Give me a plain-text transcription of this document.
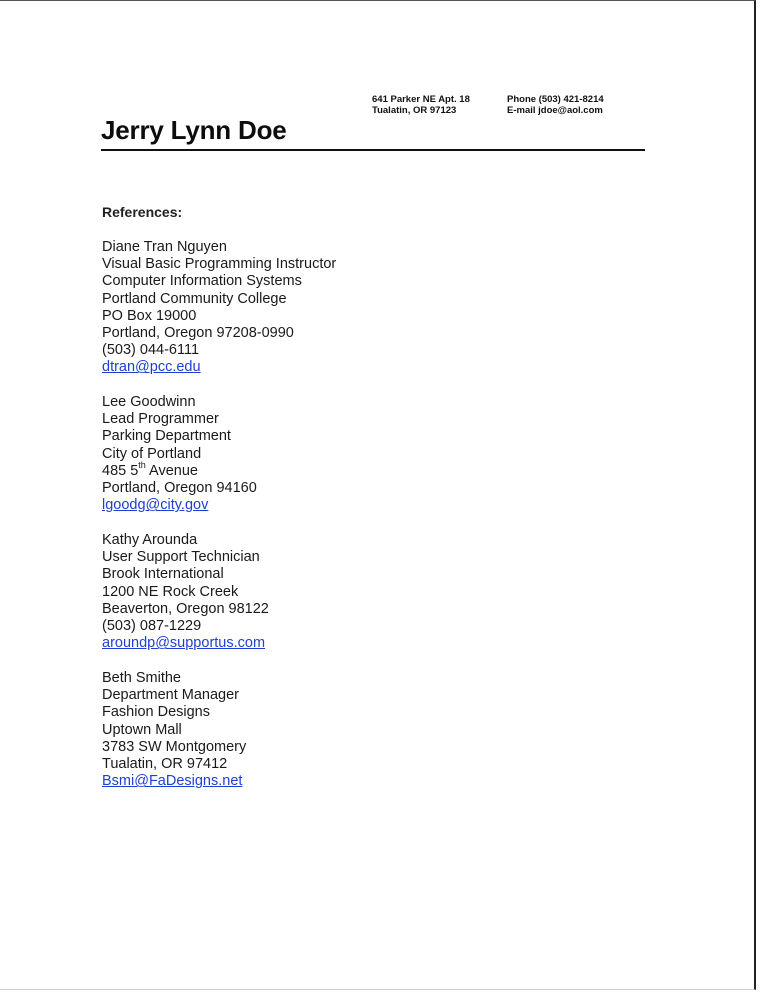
641 Parker NE Apt. 18
Tualatin, OR 97123
Phone (503) 421-8214
E-mail jdoe@aol.com
Jerry Lynn Doe
References:
Diane Tran Nguyen
Visual Basic Programming Instructor
Computer Information Systems
Portland Community College
PO Box 19000
Portland, Oregon 97208-0990
(503) 044-6111
dtran@pcc.edu
Lee Goodwinn
Lead Programmer
Parking Department
City of Portland
485 5th Avenue
Portland, Oregon 94160
lgoodg@city.gov
Kathy Arounda
User Support Technician
Brook International
1200 NE Rock Creek
Beaverton, Oregon 98122
(503) 087-1229
aroundp@supportus.com
Beth Smithe
Department Manager
Fashion Designs
Uptown Mall
3783 SW Montgomery
Tualatin, OR 97412
Bsmi@FaDesigns.net
